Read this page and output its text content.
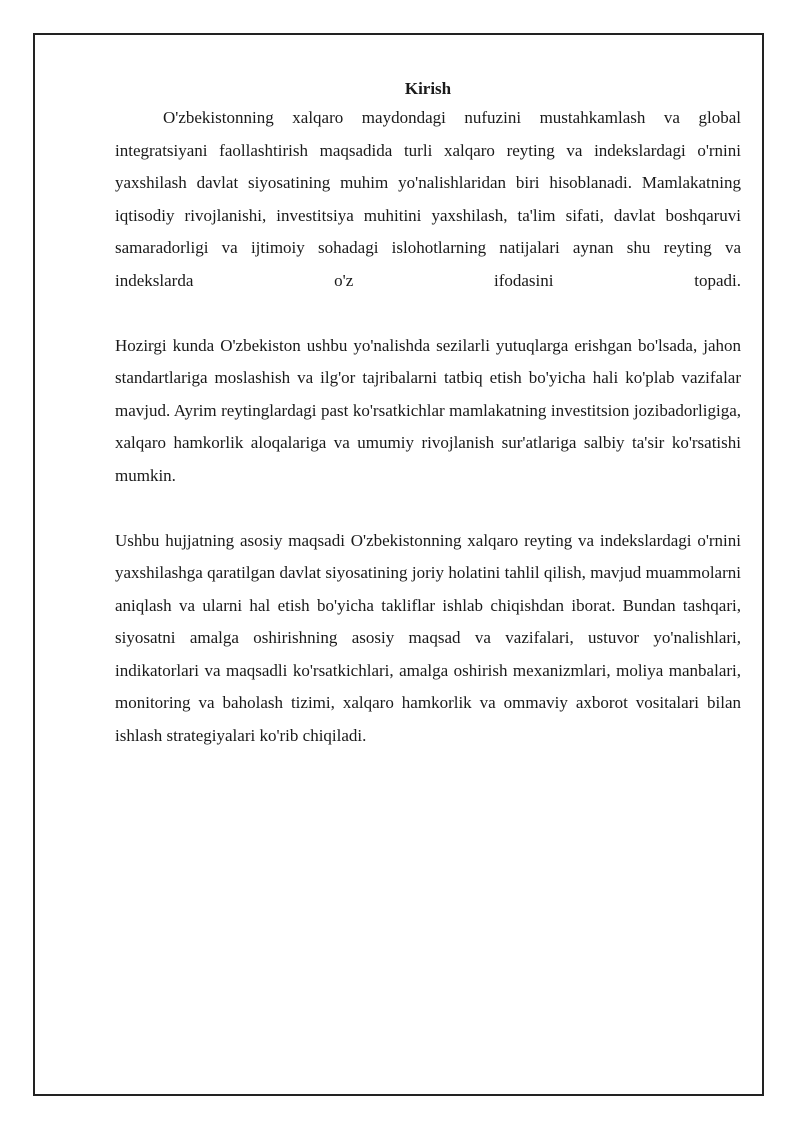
Kirish

O'zbekistonning xalqaro maydondagi nufuzini mustahkamlash va global integratsiyani faollashtirish maqsadida turli xalqaro reyting va indekslardagi o'rnini yaxshilash davlat siyosatining muhim yo'nalishlaridan biri hisoblanadi. Mamlakatning iqtisodiy rivojlanishi, investitsiya muhitini yaxshilash, ta'lim sifati, davlat boshqaruvi samaradorligi va ijtimoiy sohadagi islohotlarning natijalari aynan shu reyting va indekslarda o'z ifodasini topadi.

Hozirgi kunda O'zbekiston ushbu yo'nalishda sezilarli yutuqlarga erishgan bo'lsada, jahon standartlariga moslashish va ilg'or tajribalarni tatbiq etish bo'yicha hali ko'plab vazifalar mavjud. Ayrim reytinglardagi past ko'rsatkichlar mamlakatning investitsion jozibadorligiga, xalqaro hamkorlik aloqalariga va umumiy rivojlanish sur'atlariga salbiy ta'sir ko'rsatishi mumkin.

Ushbu hujjatning asosiy maqsadi O'zbekistonning xalqaro reyting va indekslardagi o'rnini yaxshilashga qaratilgan davlat siyosatining joriy holatini tahlil qilish, mavjud muammolarni aniqlash va ularni hal etish bo'yicha takliflar ishlab chiqishdan iborat. Bundan tashqari, siyosatni amalga oshirishning asosiy maqsad va vazifalari, ustuvor yo'nalishlari, indikatorlari va maqsadli ko'rsatkichlari, amalga oshirish mexanizmlari, moliya manbalari, monitoring va baholash tizimi, xalqaro hamkorlik va ommaviy axborot vositalari bilan ishlash strategiyalari ko'rib chiqiladi.
